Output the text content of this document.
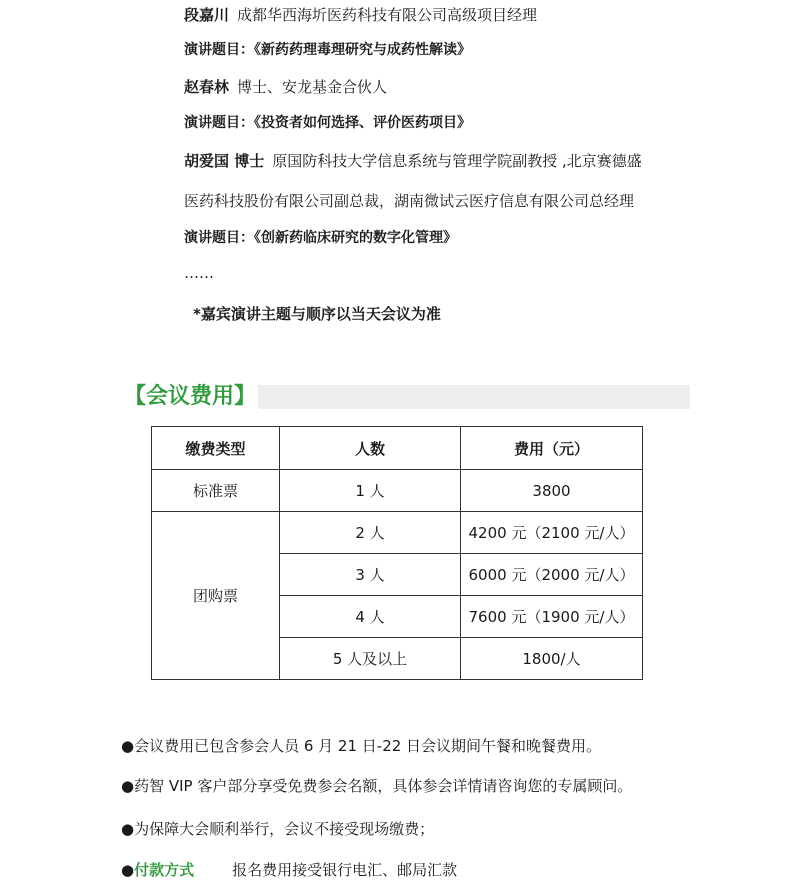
段嘉川 成都华西海圻医药科技有限公司高级项目经理
演讲题目：《新药药理毒理研究与成药性解读》
赵春林 博士、安龙基金合伙人
演讲题目：《投资者如何选择、评价医药项目》
胡爱国 博士 原国防科技大学信息系统与管理学院副教授 ,北京赛德盛
医药科技股份有限公司副总裁，湖南微试云医疗信息有限公司总经理
演讲题目：《创新药临床研究的数字化管理》
……
*嘉宾演讲主题与顺序以当天会议为准
【会议费用】
缴费类型	人数	费用（元）
标准票	1 人	3800
团购票	2 人	4200 元（2100 元/人）
	3 人	6000 元（2000 元/人）
	4 人	7600 元（1900 元/人）
	5 人及以上	1800/人
●会议费用已包含参会人员 6 月 21 日-22 日会议期间午餐和晚餐费用。
●药智 VIP 客户部分享受免费参会名额，具体参会详情请咨询您的专属顾问。
●为保障大会顺利举行，会议不接受现场缴费；
●付款方式	报名费用接受银行电汇、邮局汇款
